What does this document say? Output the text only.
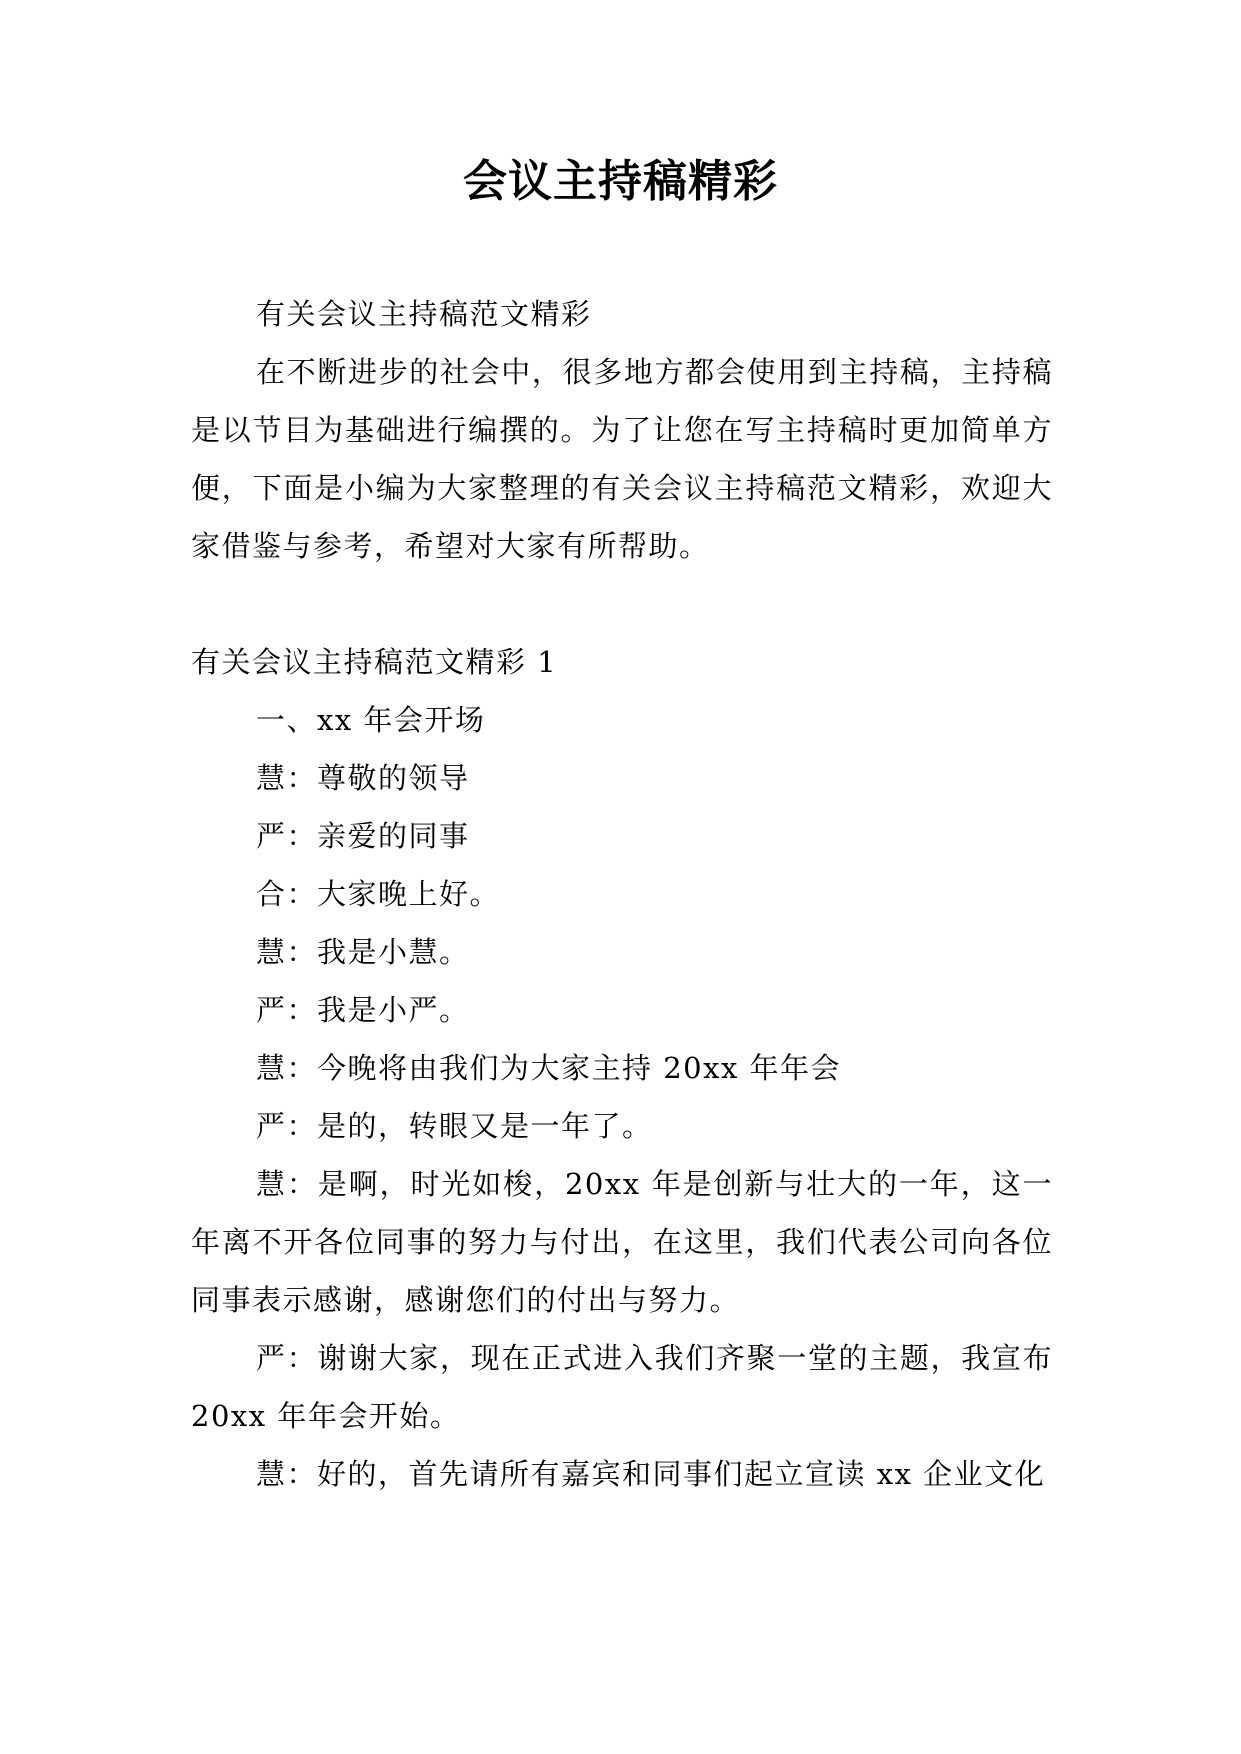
会议主持稿精彩

有关会议主持稿范文精彩

在不断进步的社会中，很多地方都会使用到主持稿，主持稿是以节目为基础进行编撰的。为了让您在写主持稿时更加简单方便，下面是小编为大家整理的有关会议主持稿范文精彩，欢迎大家借鉴与参考，希望对大家有所帮助。

有关会议主持稿范文精彩 1

一、xx 年会开场

慧：尊敬的领导

严：亲爱的同事

合：大家晚上好。

慧：我是小慧。

严：我是小严。

慧：今晚将由我们为大家主持 20xx 年年会

严：是的，转眼又是一年了。

慧：是啊，时光如梭，20xx 年是创新与壮大的一年，这一年离不开各位同事的努力与付出，在这里，我们代表公司向各位同事表示感谢，感谢您们的付出与努力。

严：谢谢大家，现在正式进入我们齐聚一堂的主题，我宣布 20xx 年年会开始。

慧：好的，首先请所有嘉宾和同事们起立宣读 xx 企业文化
